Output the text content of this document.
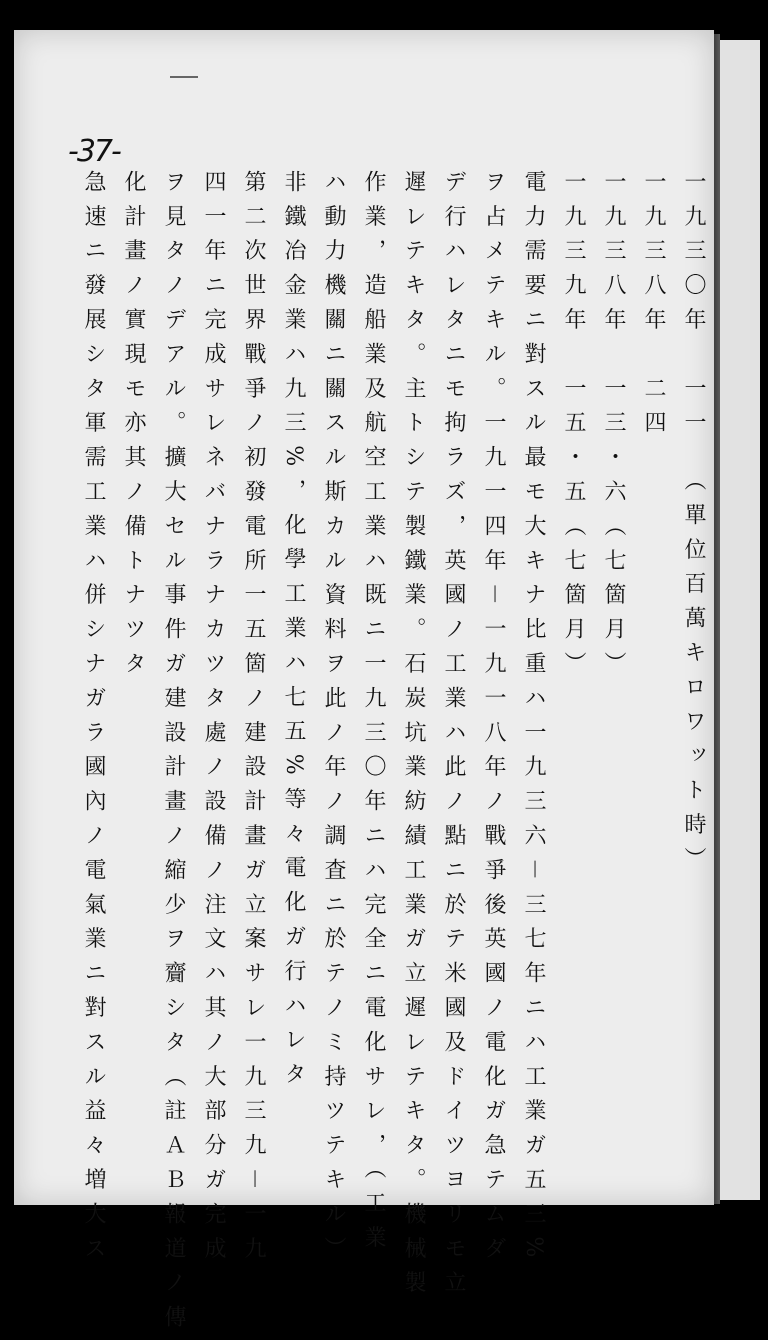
-37-
一九三〇年　一一　（單位百萬キロワット時）
一九三八年　二四
一九三八年　一三・六（七箇月）
一九三九年　一五・五（七箇月）
電力需要ニ對スル最モ大キナ比重ハ一九三六－三七年ニハ工業ガ五三%
ヲ占メテキル。一九一四年－一九一八年ノ戰爭後英國ノ電化ガ急テムダ
デ行ハレタニモ拘ラズ，英國ノ工業ハ此ノ點ニ於テ米國及ドイツヨリモ立
遲レテキタ。主トシテ製鐵業。石炭坑業紡績工業ガ立遲レテキタ。機械製
作業，造船業及航空工業ハ既ニ一九三〇年ニハ完全ニ電化サレ，（工業
ハ動力機關ニ關スル斯カル資料ヲ此ノ年ノ調査ニ於テノミ持ツテキル）
非鐵冶金業ハ九三%，化學工業ハ七五%等々電化ガ行ハレタ
第二次世界戰爭ノ初發電所一五箇ノ建設計畫ガ立案サレ一九三九－一九
四一年ニ完成サレネバナラナカツタ處ノ設備ノ注文ハ其ノ大部分ガ完成
ヲ見タノデアル。擴大セル事件ガ建設計畫ノ縮少ヲ齎シタ（註ＡＢ報道ノ傳
化計畫ノ實現モ亦其ノ備トナツタ
急速ニ發展シタ軍需工業ハ併シナガラ國內ノ電氣業ニ對スル益々増大ス
